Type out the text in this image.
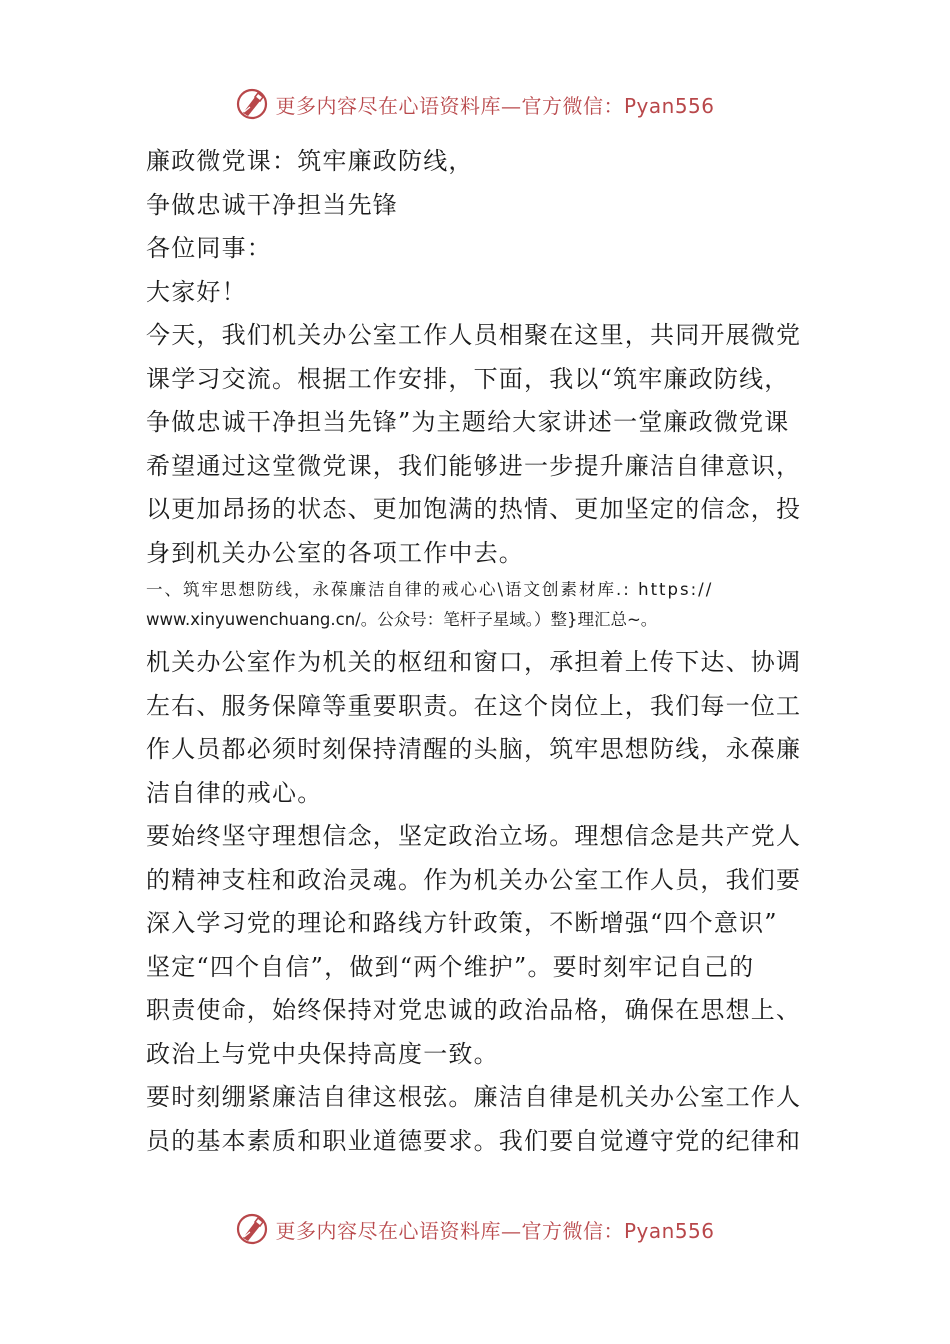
更多内容尽在心语资料库—官方微信：Pyan556
廉政微党课：筑牢廉政防线，
争做忠诚干净担当先锋
各位同事：
大家好！
今天，我们机关办公室工作人员相聚在这里，共同开展微党
课学习交流。根据工作安排，下面，我以“筑牢廉政防线，
争做忠诚干净担当先锋”为主题给大家讲述一堂廉政微党课
希望通过这堂微党课，我们能够进一步提升廉洁自律意识，
以更加昂扬的状态、更加饱满的热情、更加坚定的信念，投
身到机关办公室的各项工作中去。
一、筑牢思想防线，永葆廉洁自律的戒心心\语文创素材库.: https://
www.xinyuwenchuang.cn/。公众号：笔杆子星域。）整}理汇总~。
机关办公室作为机关的枢纽和窗口，承担着上传下达、协调
左右、服务保障等重要职责。在这个岗位上，我们每一位工
作人员都必须时刻保持清醒的头脑，筑牢思想防线，永葆廉
洁自律的戒心。
要始终坚守理想信念，坚定政治立场。理想信念是共产党人
的精神支柱和政治灵魂。作为机关办公室工作人员，我们要
深入学习党的理论和路线方针政策，不断增强“四个意识”
坚定“四个自信”，做到“两个维护”。要时刻牢记自己的
职责使命，始终保持对党忠诚的政治品格，确保在思想上、
政治上与党中央保持高度一致。
要时刻绷紧廉洁自律这根弦。廉洁自律是机关办公室工作人
员的基本素质和职业道德要求。我们要自觉遵守党的纪律和
更多内容尽在心语资料库—官方微信：Pyan556
